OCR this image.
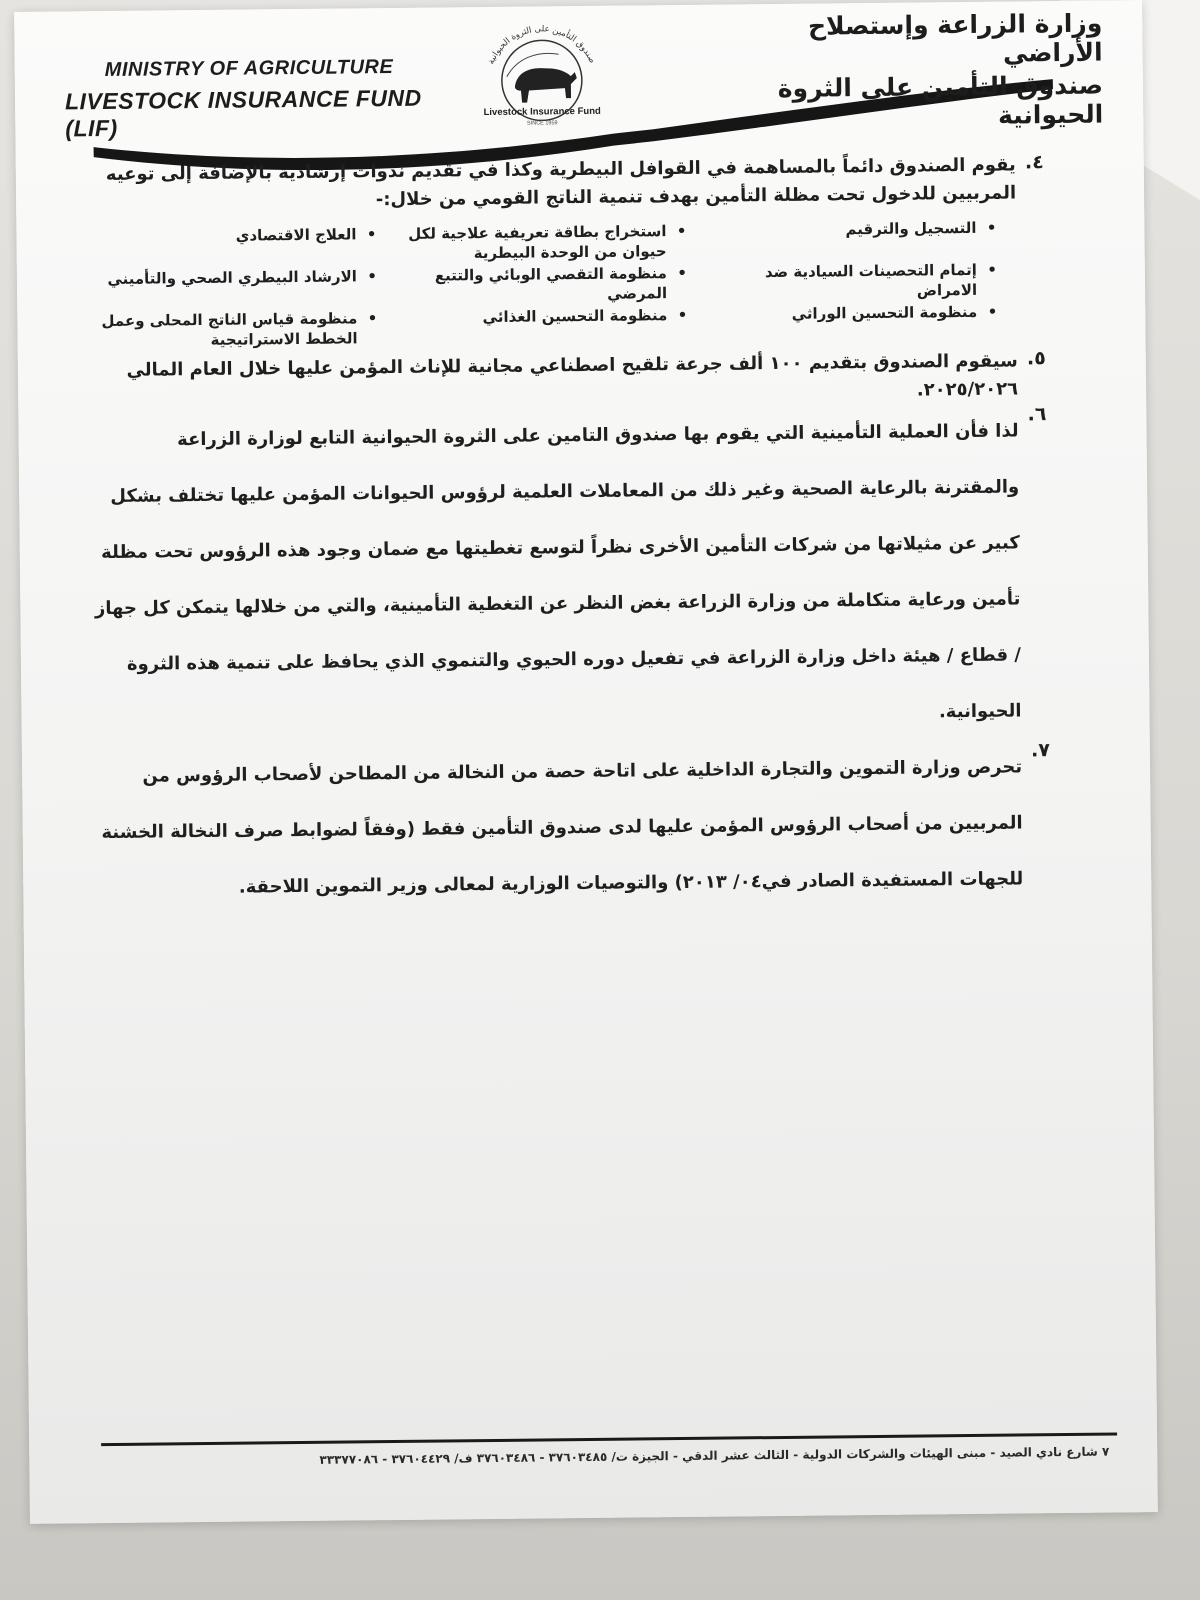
MINISTRY OF AGRICULTURE
LIVESTOCK INSURANCE FUND (LIF)
صندوق التأمين على الثروة الحيوانية
Livestock Insurance Fund
SINCE 1959
وزارة الزراعة وإستصلاح الأراضي
صندوق التأمين على الثروة الحيوانية
٤.

يقوم الصندوق دائماً بالمساهمة في القوافل البيطرية وكذا في تقديم ندوات إرشادية بالإضافة إلى توعيه المربيين للدخول تحت مظلة التأمين بهدف تنمية الناتج القومي من خلال:-

•
التسجيل والترقيم
•
استخراج بطاقة تعريفية علاجية لكل حيوان من الوحدة البيطرية
•
العلاج الاقتصادي
•
إتمام التحصينات السيادية ضد الامراض
•
منظومة التقصي الوبائي والتتبع المرضي
•
الارشاد البيطري الصحي والتأميني
•
منظومة التحسين الوراثي
•
منظومة التحسين الغذائي
•
منظومة قياس الناتج المحلى وعمل الخطط الاستراتيجية
٥.

سيقوم الصندوق بتقديم ١٠٠ ألف جرعة تلقيح اصطناعي مجانية للإناث المؤمن عليها خلال العام المالي ٢٠٢٥/٢٠٢٦.

٦.

لذا فأن العملية التأمينية التي يقوم بها صندوق التامين على الثروة الحيوانية التابع لوزارة الزراعة والمقترنة بالرعاية الصحية وغير ذلك من المعاملات العلمية لرؤوس الحيوانات المؤمن عليها تختلف بشكل كبير عن مثيلاتها من شركات التأمين الأخرى نظراً لتوسع تغطيتها مع ضمان وجود هذه الرؤوس تحت مظلة تأمين ورعاية متكاملة من وزارة الزراعة بغض النظر عن التغطية التأمينية، والتي من خلالها يتمكن كل جهاز / قطاع / هيئة داخل وزارة الزراعة في تفعيل دوره الحيوي والتنموي الذي يحافظ على تنمية هذه الثروة الحيوانية.

٧.

تحرص وزارة التموين والتجارة الداخلية على اتاحة حصة من النخالة من المطاحن لأصحاب الرؤوس من المربيين من أصحاب الرؤوس المؤمن عليها لدى صندوق التأمين فقط (وفقاً لضوابط صرف النخالة الخشنة للجهات المستفيدة الصادر في٠٤/ ٢٠١٣) والتوصيات الوزارية لمعالى وزير التموين اللاحقة.

٧ شارع نادي الصيد - مبنى الهيئات والشركات الدولية - الثالث عشر الدقي - الجيزة ت/ ٣٧٦٠٣٤٨٥ - ٣٧٦٠٣٤٨٦ ف/ ٣٧٦٠٤٤٢٩ - ٣٣٣٧٧٠٨٦
